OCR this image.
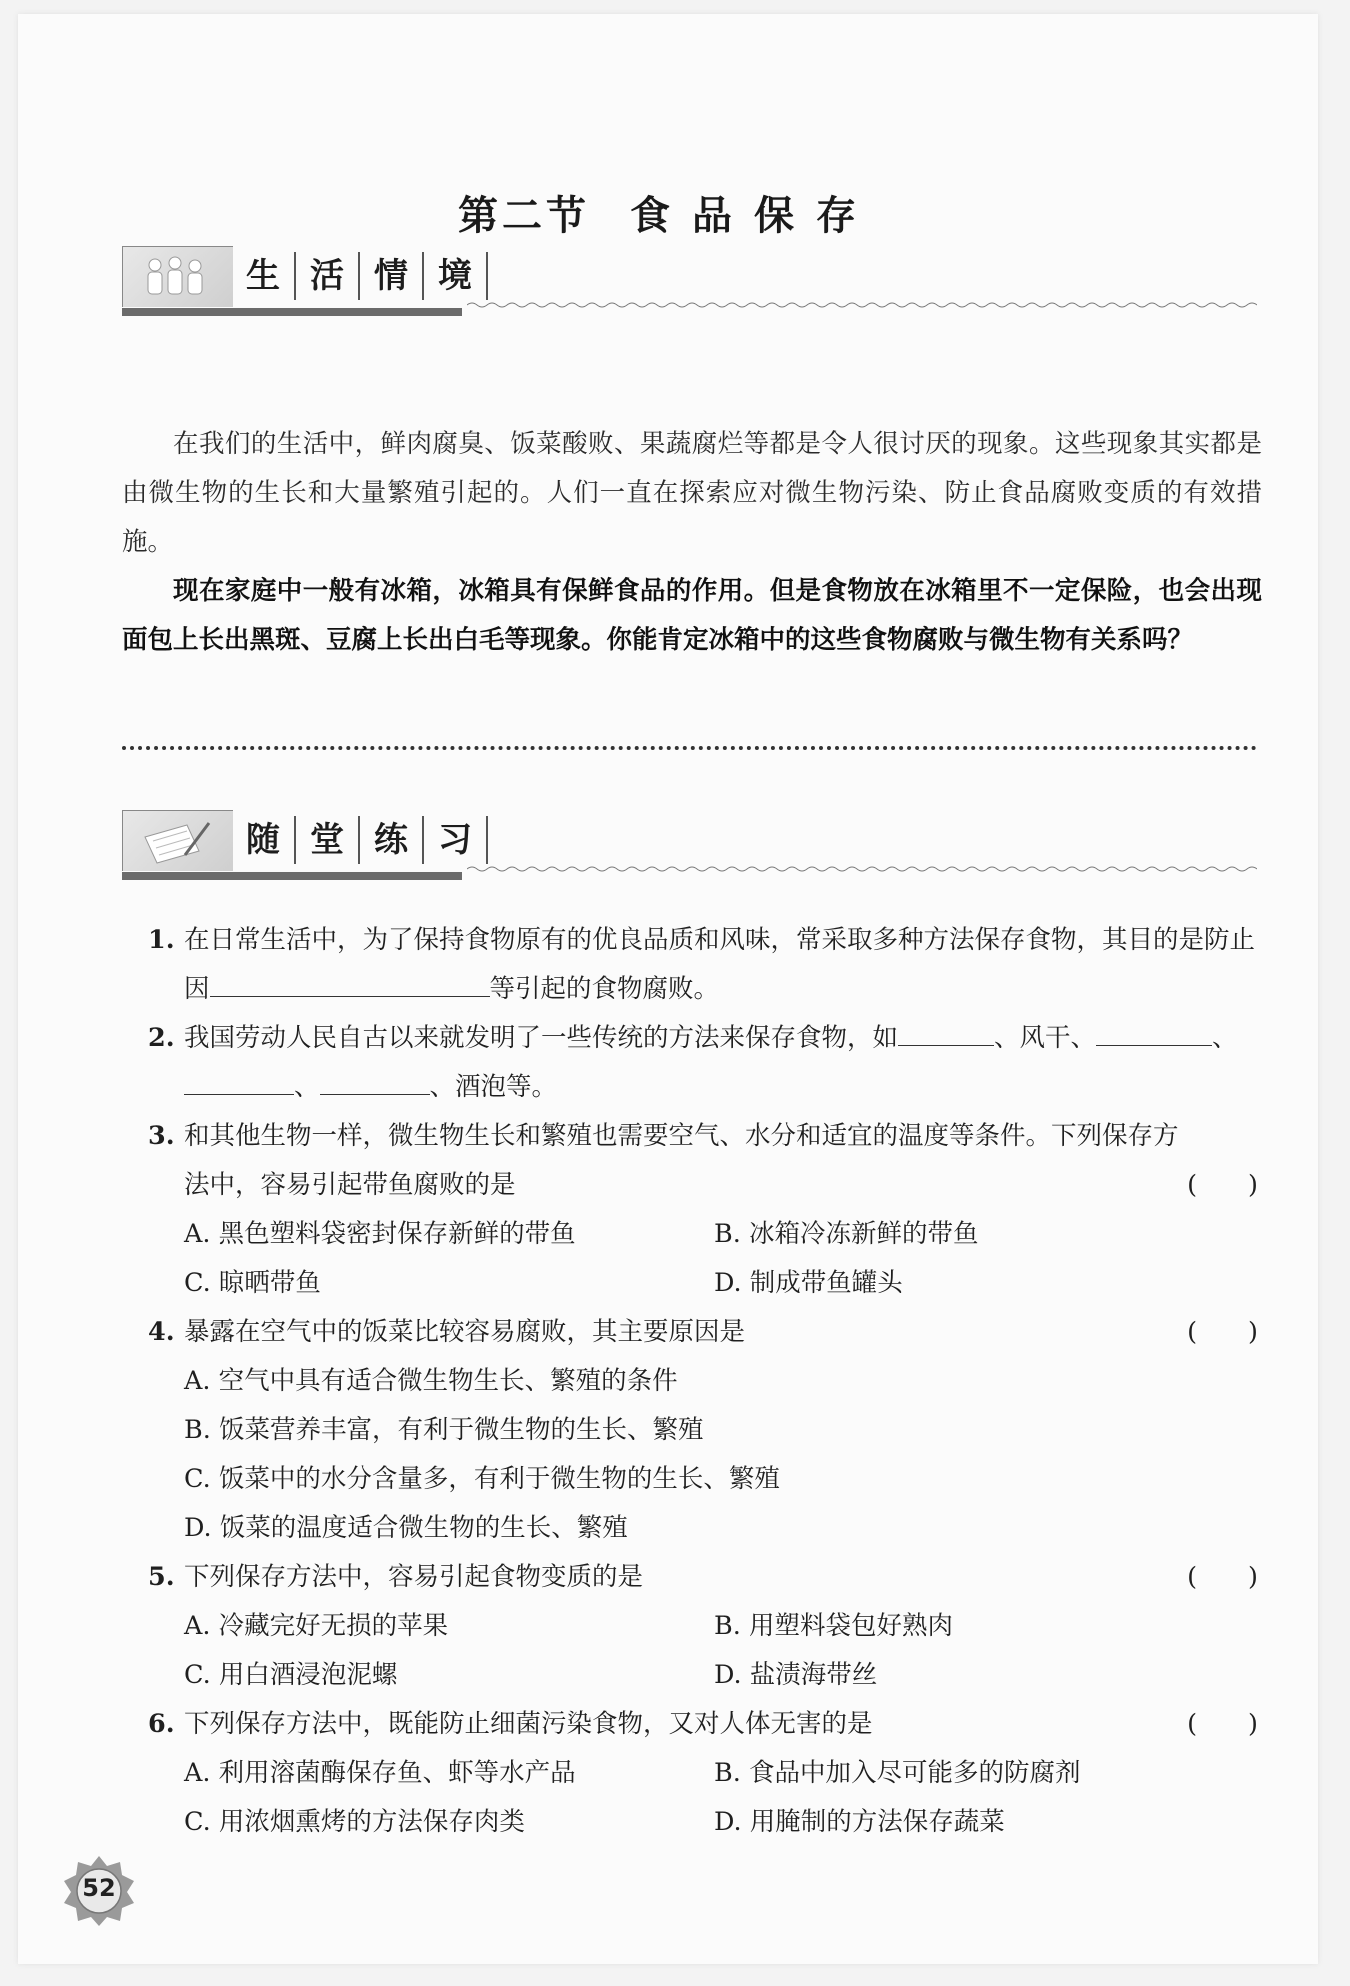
第二节 食品保存
生 活 情 境

在我们的生活中，鲜肉腐臭、饭菜酸败、果蔬腐烂等都是令人很讨厌的现象。这些现象其实都是由微生物的生长和大量繁殖引起的。人们一直在探索应对微生物污染、防止食品腐败变质的有效措施。

现在家庭中一般有冰箱，冰箱具有保鲜食品的作用。但是食物放在冰箱里不一定保险，也会出现面包上长出黑斑、豆腐上长出白毛等现象。你能肯定冰箱中的这些食物腐败与微生物有关系吗？

随 堂 练 习
1. 在日常生活中，为了保持食物原有的优良品质和风味，常采取多种方法保存食物，其目的是防止因	等引起的食物腐败。
2. 我国劳动人民自古以来就发明了一些传统的方法来保存食物，如	、风干、	、、	、酒泡等。
3. 和其他生物一样，微生物生长和繁殖也需要空气、水分和适宜的温度等条件。下列保存方法中，容易引起带鱼腐败的是	(　　)
A. 黑色塑料袋密封保存新鲜的带鱼	B. 冰箱冷冻新鲜的带鱼
C. 晾晒带鱼	D. 制成带鱼罐头
4. 暴露在空气中的饭菜比较容易腐败，其主要原因是	(　　)
A. 空气中具有适合微生物生长、繁殖的条件
B. 饭菜营养丰富，有利于微生物的生长、繁殖
C. 饭菜中的水分含量多，有利于微生物的生长、繁殖
D. 饭菜的温度适合微生物的生长、繁殖
5. 下列保存方法中，容易引起食物变质的是	(　　)
A. 冷藏完好无损的苹果	B. 用塑料袋包好熟肉
C. 用白酒浸泡泥螺	D. 盐渍海带丝
6. 下列保存方法中，既能防止细菌污染食物，又对人体无害的是	(　　)
A. 利用溶菌酶保存鱼、虾等水产品	B. 食品中加入尽可能多的防腐剂
C. 用浓烟熏烤的方法保存肉类	D. 用腌制的方法保存蔬菜
52
